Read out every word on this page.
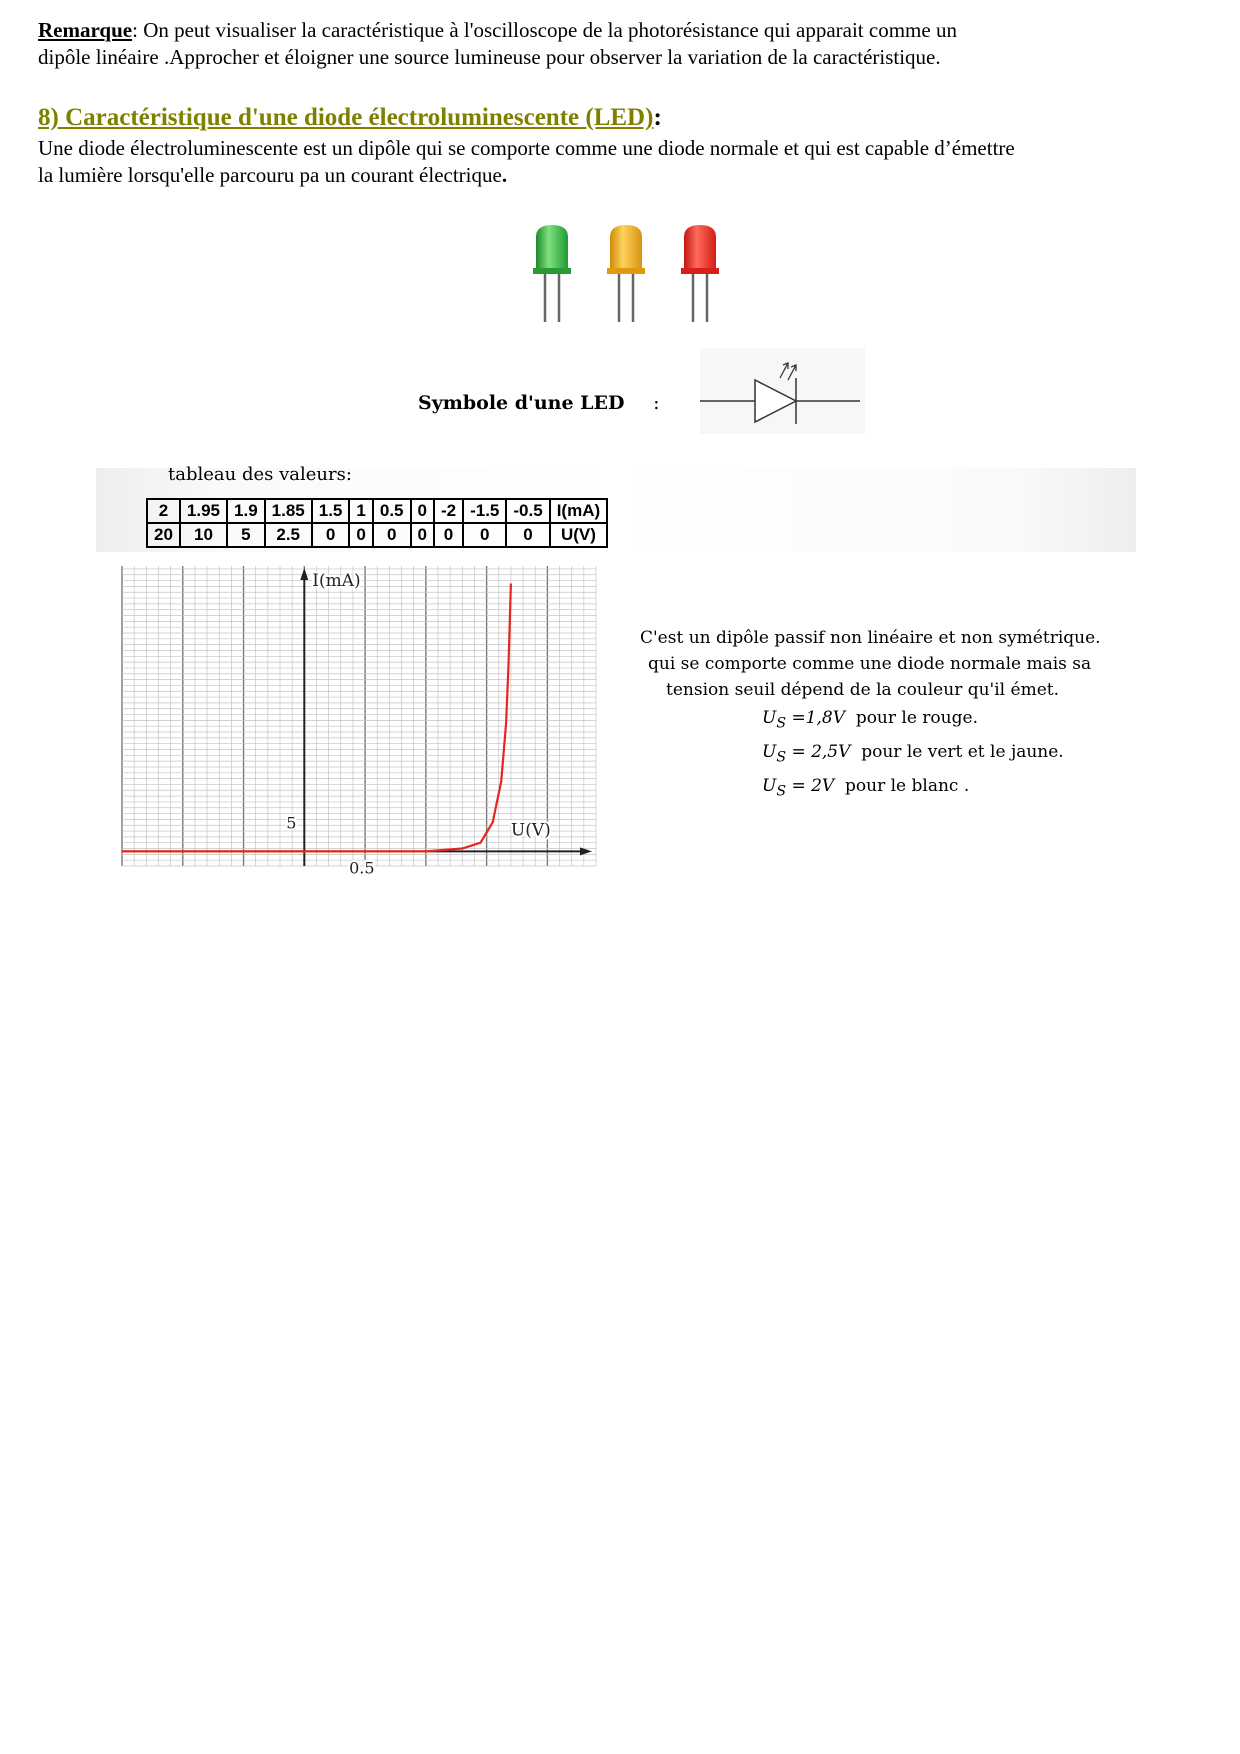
Remarque: On peut visualiser la caractéristique à l'oscilloscope de la photorésistance qui apparait comme un
dipôle linéaire .Approcher et éloigner une source lumineuse pour observer la variation de la caractéristique.
8) Caractéristique d'une diode électroluminescente (LED):
Une diode électroluminescente est un dipôle qui se comporte comme une diode normale et qui est capable d’émettre
la lumière lorsqu'elle parcouru pa un courant électrique.
Symbole d'une LED :
tableau des valeurs:
2	1.95	1.9	1.85	1.5	1	0.5	0	-2	-1.5	-0.5	I(mA)
20	10	5	2.5	0	0	0	0	0	0	0	U(V)
I(mA)
U(V)
0.5
5
C'est un dipôle passif non linéaire et non symétrique.
qui se comporte comme une diode normale mais sa
tension seuil dépend de la couleur qu'il émet.
$U_S =1,8V$ pour le rouge.
$U_S = 2,5V$ pour le vert et le jaune.
$U_S = 2V$ pour le blanc .
